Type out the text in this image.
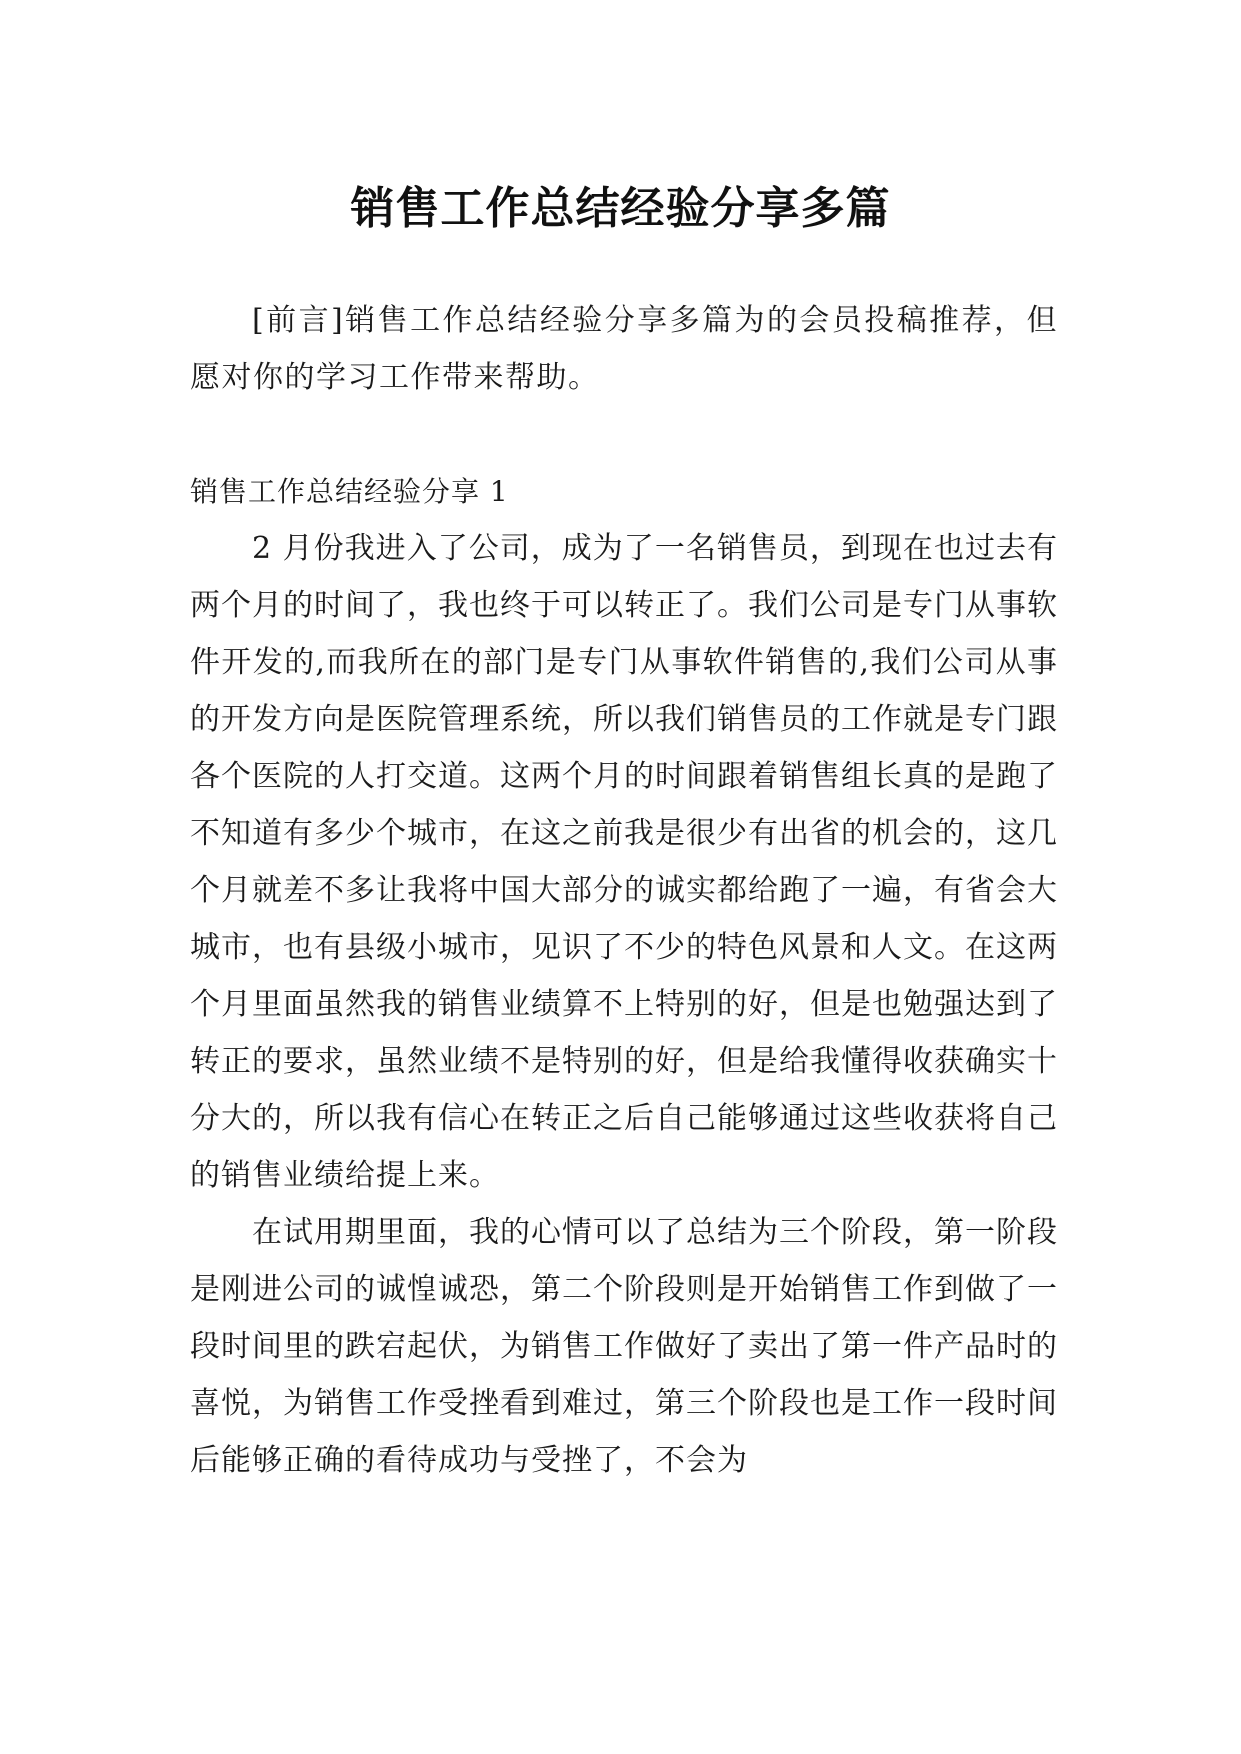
销售工作总结经验分享多篇

[前言]销售工作总结经验分享多篇为的会员投稿推荐，但愿对你的学习工作带来帮助。

销售工作总结经验分享 1

2 月份我进入了公司，成为了一名销售员，到现在也过去有两个月的时间了，我也终于可以转正了。我们公司是专门从事软件开发的,而我所在的部门是专门从事软件销售的,我们公司从事的开发方向是医院管理系统，所以我们销售员的工作就是专门跟各个医院的人打交道。这两个月的时间跟着销售组长真的是跑了不知道有多少个城市，在这之前我是很少有出省的机会的，这几个月就差不多让我将中国大部分的诚实都给跑了一遍，有省会大城市，也有县级小城市，见识了不少的特色风景和人文。在这两个月里面虽然我的销售业绩算不上特别的好，但是也勉强达到了转正的要求，虽然业绩不是特别的好，但是给我懂得收获确实十分大的，所以我有信心在转正之后自己能够通过这些收获将自己的销售业绩给提上来。

在试用期里面，我的心情可以了总结为三个阶段，第一阶段是刚进公司的诚惶诚恐，第二个阶段则是开始销售工作到做了一段时间里的跌宕起伏，为销售工作做好了卖出了第一件产品时的喜悦，为销售工作受挫看到难过，第三个阶段也是工作一段时间后能够正确的看待成功与受挫了，不会为
